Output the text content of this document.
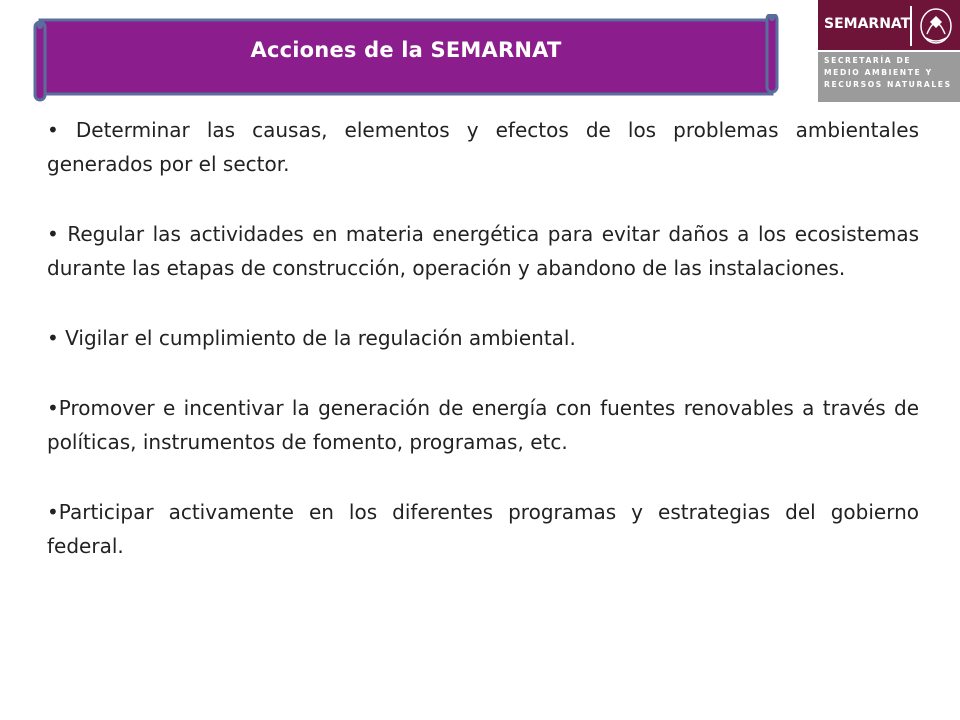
Acciones de la SEMARNAT
SEMARNAT
SECRETARÍA DE
MEDIO AMBIENTE Y
RECURSOS NATURALES
• Determinar las causas, elementos y efectos de los problemas ambientales generados por el sector.
• Regular las actividades en materia energética para evitar daños a los ecosistemas durante las etapas de construcción, operación y abandono de las instalaciones.
• Vigilar el cumplimiento de la regulación ambiental.
•Promover e incentivar la generación de energía con fuentes renovables a través de políticas, instrumentos de fomento, programas, etc.
•Participar activamente en los diferentes programas y estrategias del gobierno federal.
